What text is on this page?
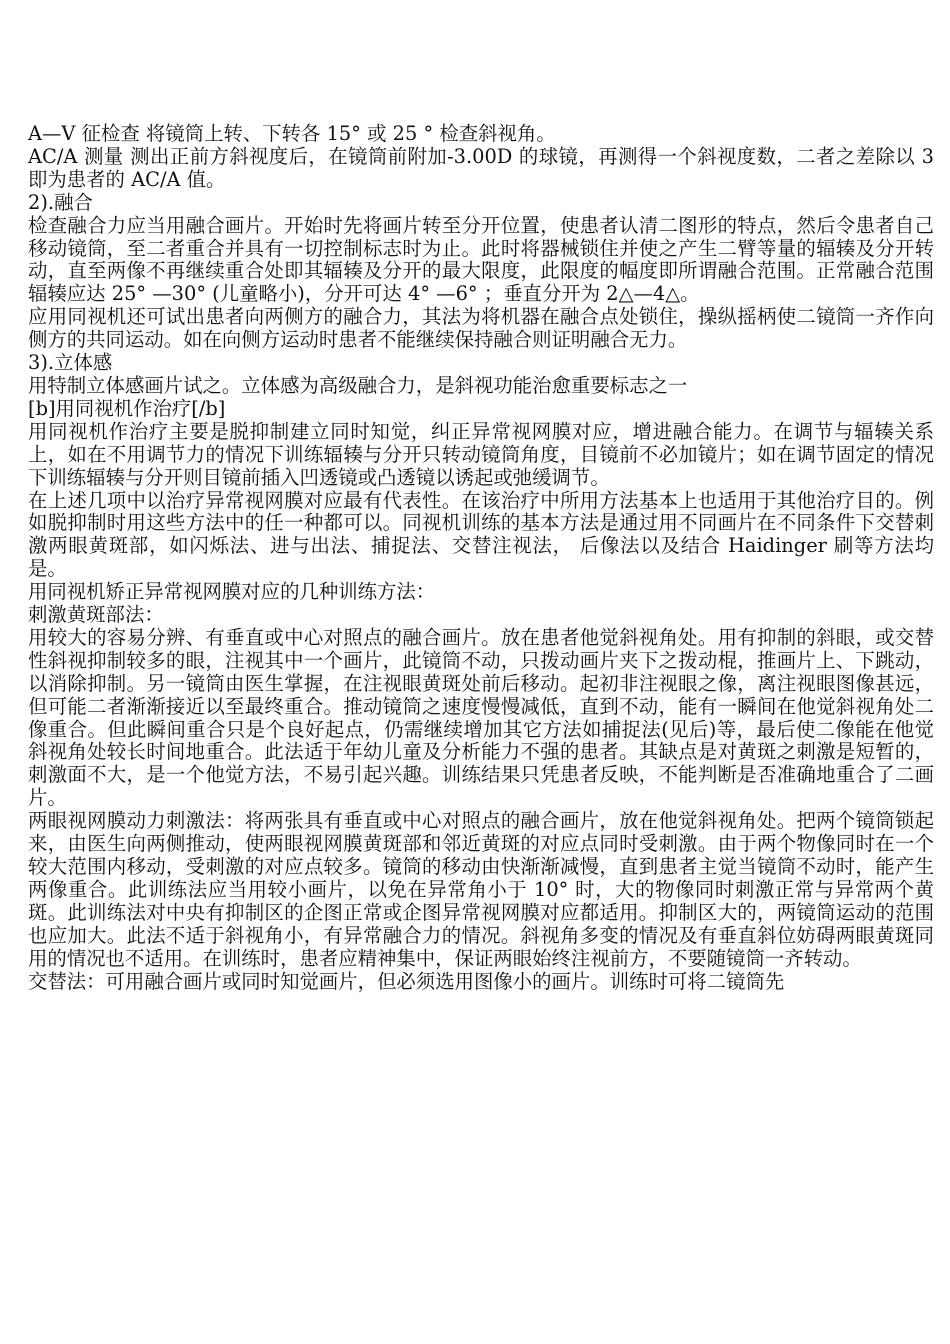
A—V 征检查 将镜筒上转、下转各 15° 或 25 ° 检查斜视角。

AC/A 测量 测出正前方斜视度后，在镜筒前附加-3.00D 的球镜，再测得一个斜视度数，二者之差除以 3 即为患者的 AC/A 值。

2).融合

检查融合力应当用融合画片。开始时先将画片转至分开位置，使患者认清二图形的特点，然后令患者自己移动镜筒，至二者重合并具有一切控制标志时为止。此时将器械锁住并使之产生二臂等量的辐辏及分开转动，直至两像不再继续重合处即其辐辏及分开的最大限度，此限度的幅度即所谓融合范围。正常融合范围辐辏应达 25° —30° (儿童略小)，分开可达 4° —6° ；垂直分开为 2△—4△。

应用同视机还可试出患者向两侧方的融合力，其法为将机器在融合点处锁住，操纵摇柄使二镜筒一齐作向侧方的共同运动。如在向侧方运动时患者不能继续保持融合则证明融合无力。

3).立体感

用特制立体感画片试之。立体感为高级融合力，是斜视功能治愈重要标志之一

[b]用同视机作治疗[/b]

用同视机作治疗主要是脱抑制建立同时知觉，纠正异常视网膜对应，增进融合能力。在调节与辐辏关系上，如在不用调节力的情况下训练辐辏与分开只转动镜筒角度，目镜前不必加镜片；如在调节固定的情况下训练辐辏与分开则目镜前插入凹透镜或凸透镜以诱起或弛缓调节。

在上述几项中以治疗异常视网膜对应最有代表性。在该治疗中所用方法基本上也适用于其他治疗目的。例如脱抑制时用这些方法中的任一种都可以。同视机训练的基本方法是通过用不同画片在不同条件下交替刺激两眼黄斑部，如闪烁法、进与出法、捕捉法、交替注视法， 后像法以及结合 Haidinger 刷等方法均是。

用同视机矫正异常视网膜对应的几种训练方法：

刺激黄斑部法：

用较大的容易分辨、有垂直或中心对照点的融合画片。放在患者他觉斜视角处。用有抑制的斜眼，或交替性斜视抑制较多的眼，注视其中一个画片，此镜筒不动，只拨动画片夹下之拨动棍，推画片上、下跳动，以消除抑制。另一镜筒由医生掌握，在注视眼黄斑处前后移动。起初非注视眼之像，离注视眼图像甚远，但可能二者渐渐接近以至最终重合。推动镜筒之速度慢慢减低，直到不动，能有一瞬间在他觉斜视角处二像重合。但此瞬间重合只是个良好起点，仍需继续增加其它方法如捕捉法(见后)等，最后使二像能在他觉斜视角处较长时间地重合。此法适于年幼儿童及分析能力不强的患者。其缺点是对黄斑之刺激是短暂的，刺激面不大，是一个他觉方法，不易引起兴趣。训练结果只凭患者反映，不能判断是否准确地重合了二画片。

两眼视网膜动力刺激法：将两张具有垂直或中心对照点的融合画片，放在他觉斜视角处。把两个镜筒锁起来，由医生向两侧推动，使两眼视网膜黄斑部和邻近黄斑的对应点同时受刺激。由于两个物像同时在一个较大范围内移动，受刺激的对应点较多。镜筒的移动由快渐渐减慢，直到患者主觉当镜筒不动时，能产生两像重合。此训练法应当用较小画片，以免在异常角小于 10° 时，大的物像同时刺激正常与异常两个黄斑。此训练法对中央有抑制区的企图正常或企图异常视网膜对应都适用。抑制区大的，两镜筒运动的范围也应加大。此法不适于斜视角小，有异常融合力的情况。斜视角多变的情况及有垂直斜位妨碍两眼黄斑同用的情况也不适用。在训练时，患者应精神集中，保证两眼始终注视前方，不要随镜筒一齐转动。

交替法：可用融合画片或同时知觉画片，但必须选用图像小的画片。训练时可将二镜筒先
